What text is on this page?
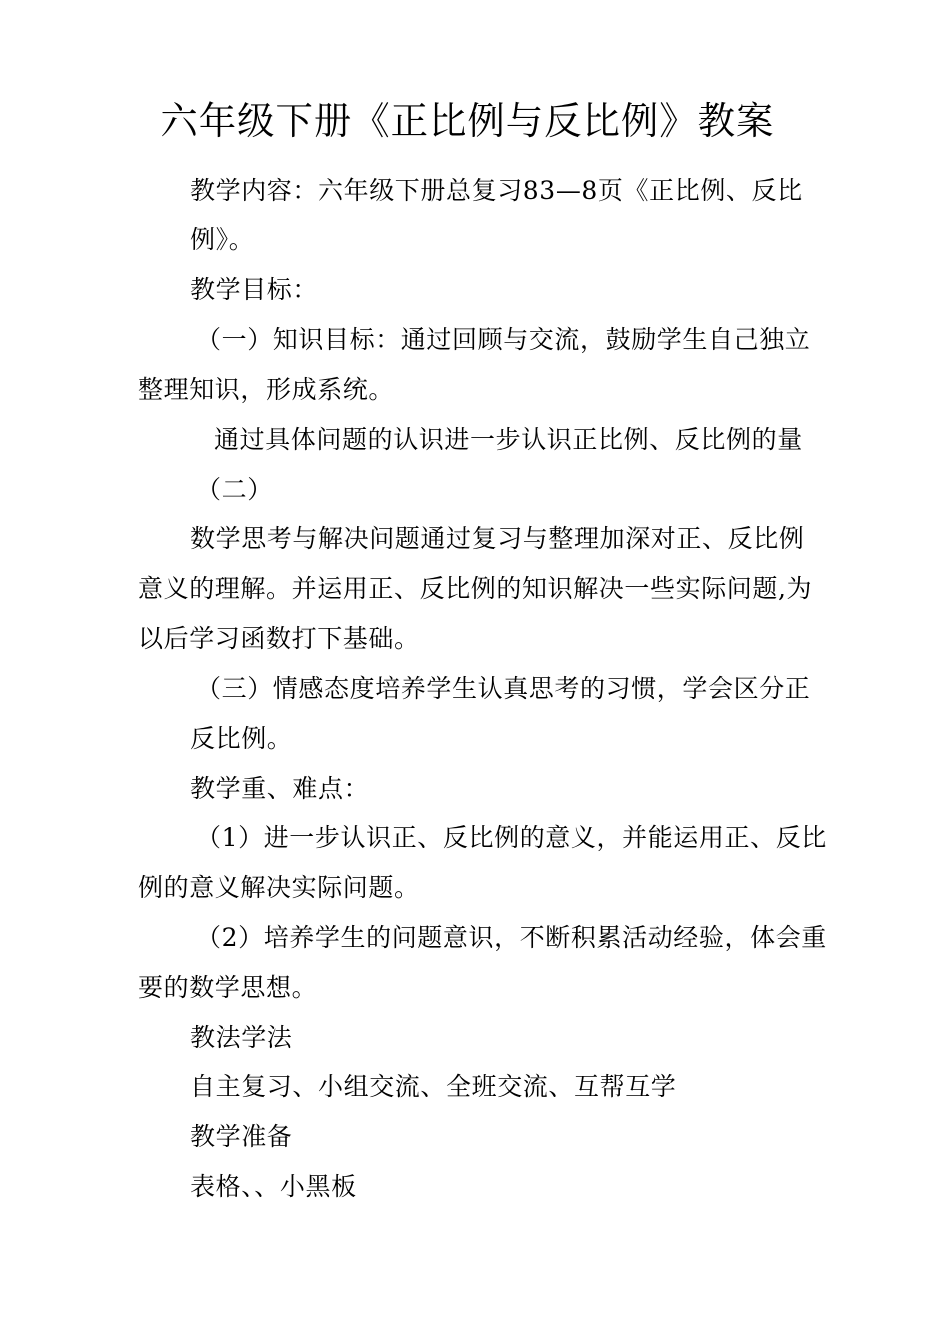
六年级下册《正比例与反比例》教案
教学内容：六年级下册总复习83—8页《正比例、反比
例》。
教学目标：
（一）知识目标：通过回顾与交流，鼓励学生自己独立
整理知识，形成系统。
通过具体问题的认识进一步认识正比例、反比例的量
（二）
数学思考与解决问题通过复习与整理加深对正、反比例
意义的理解。并运用正、反比例的知识解决一些实际问题,为
以后学习函数打下基础。
（三）情感态度培养学生认真思考的习惯，学会区分正
反比例。
教学重、难点：
（1）进一步认识正、反比例的意义，并能运用正、反比
例的意义解决实际问题。
（2）培养学生的问题意识，不断积累活动经验，体会重
要的数学思想。
教法学法
自主复习、小组交流、全班交流、互帮互学
教学准备
表格、、小黑板
